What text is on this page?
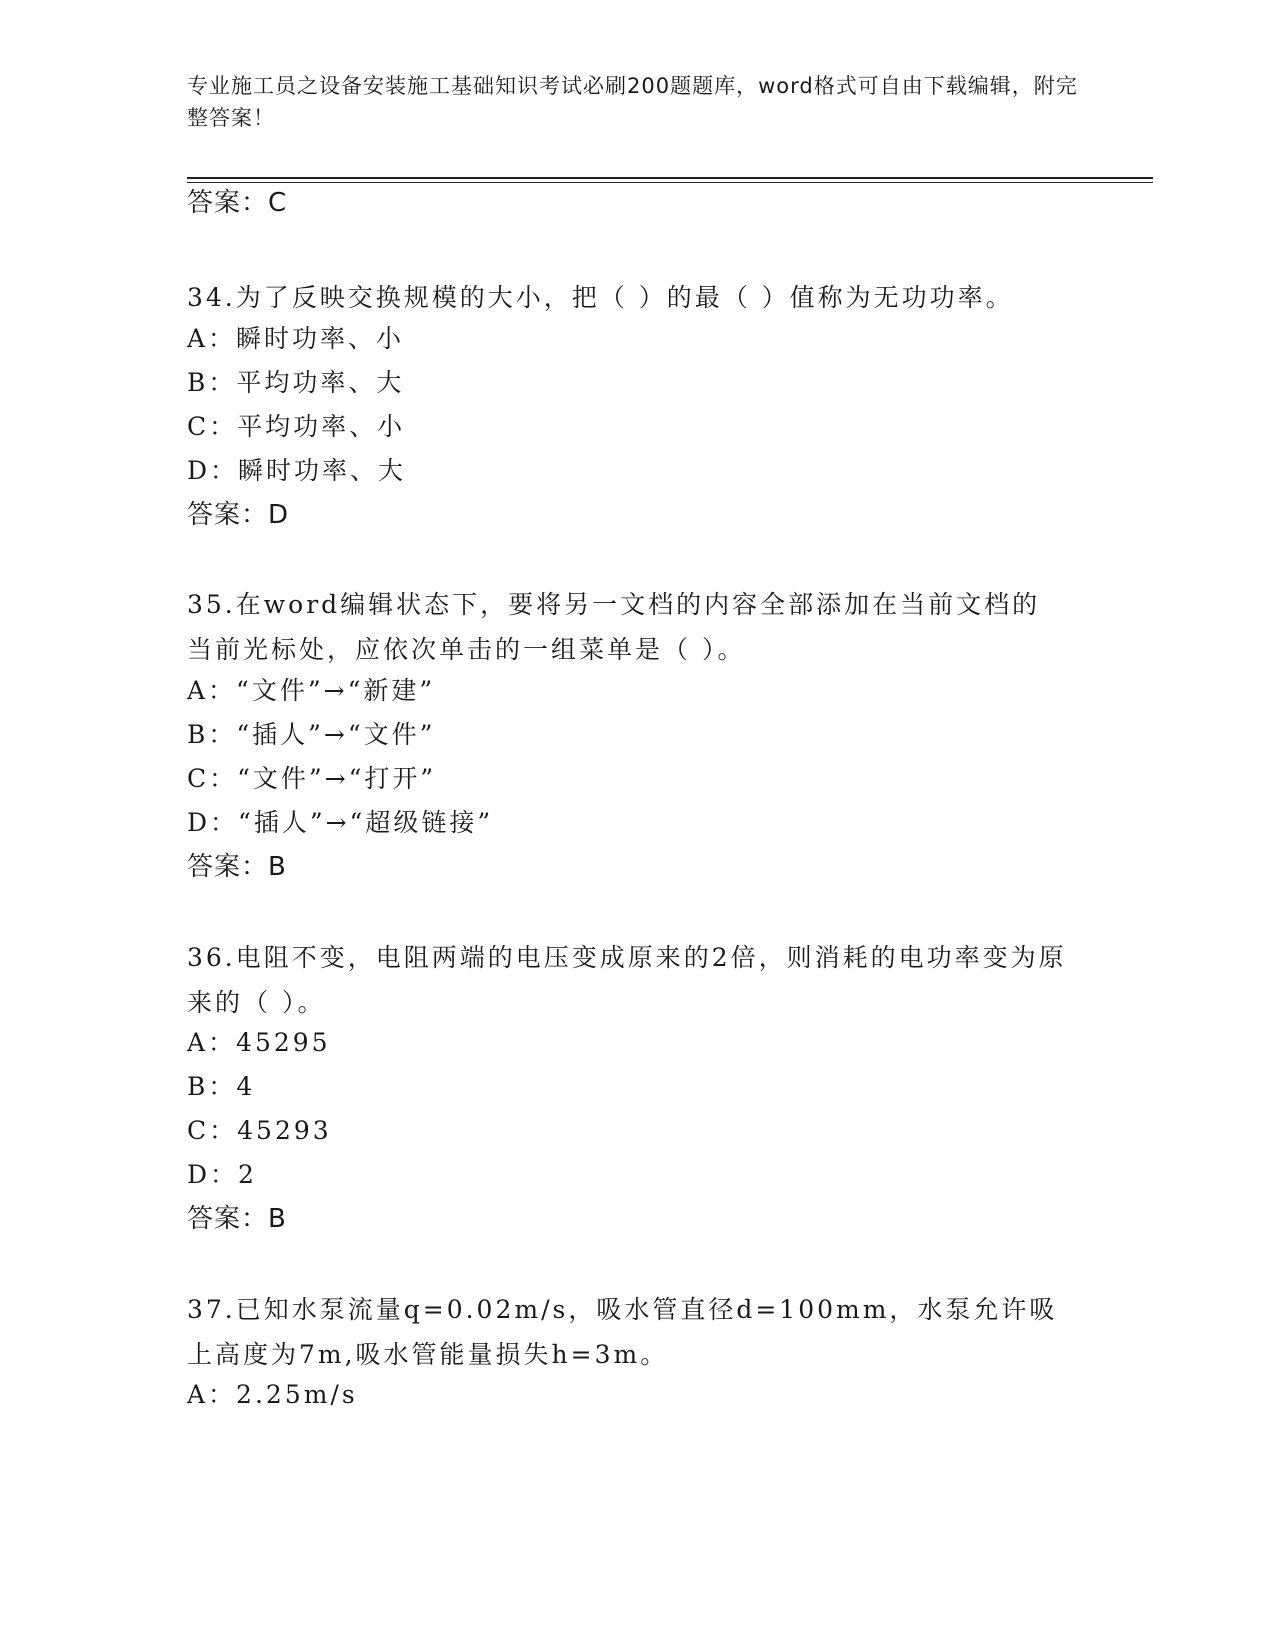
专业施工员之设备安装施工基础知识考试必刷200题题库，word格式可自由下载编辑，附完整答案！
答案：C
34.为了反映交换规模的大小，把（ ）的最（ ）值称为无功功率。
A：瞬时功率、小
B：平均功率、大
C：平均功率、小
D：瞬时功率、大
答案：D
35.在word编辑状态下，要将另一文档的内容全部添加在当前文档的当前光标处，应依次单击的一组菜单是（ ）。
A：“文件”→“新建”
B：“插人”→“文件”
C：“文件”→“打开”
D：“插人”→“超级链接”
答案：B
36.电阻不变，电阻两端的电压变成原来的2倍，则消耗的电功率变为原来的（ ）。
A：45295
B：4
C：45293
D：2
答案：B
37.已知水泵流量q=0.02m/s，吸水管直径d=100mm，水泵允许吸上高度为7m,吸水管能量损失h=3m。
A：2.25m/s
